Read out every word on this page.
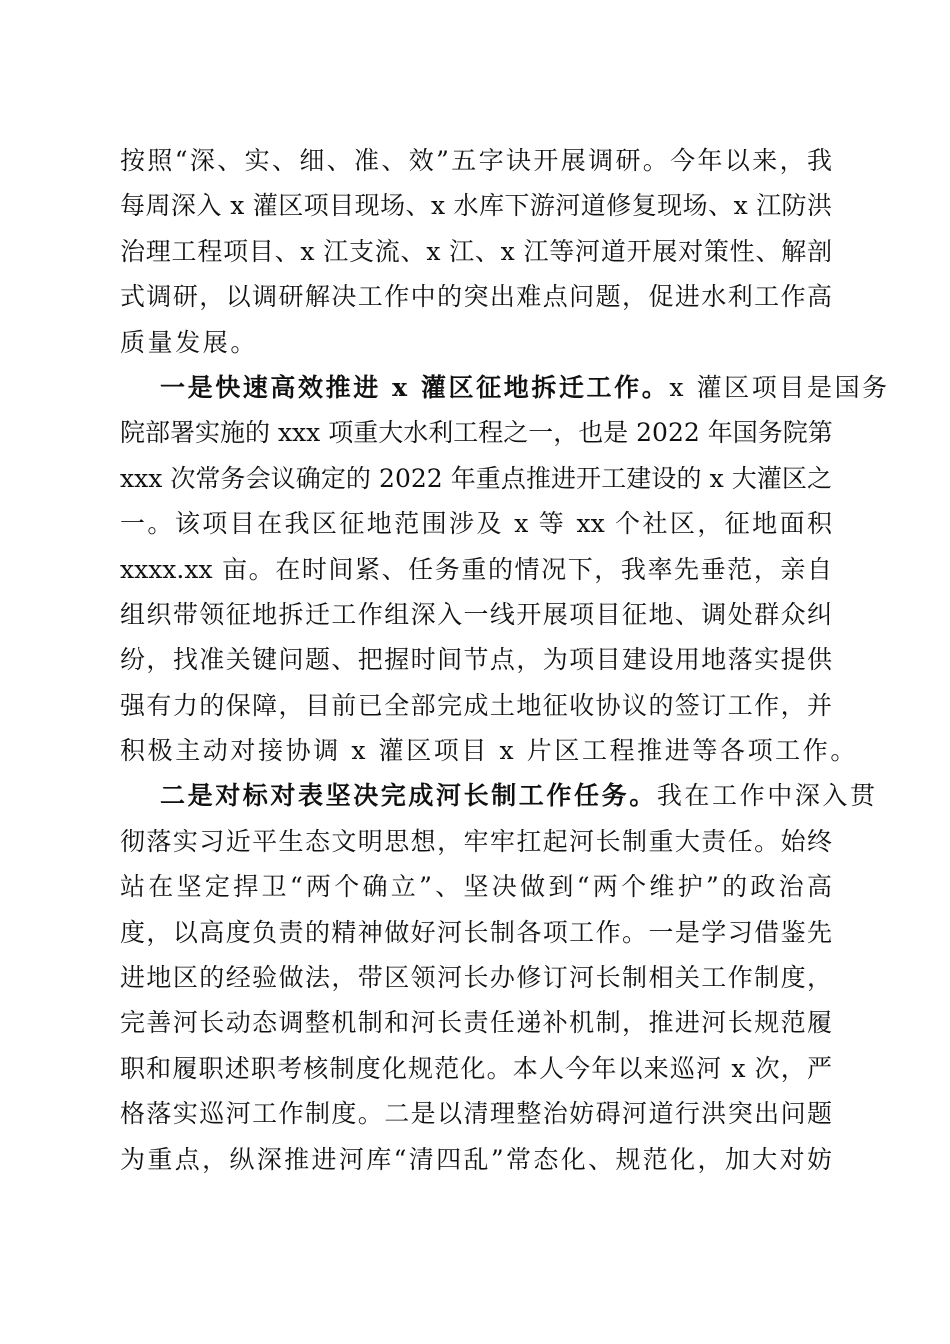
按照“深、实、细、准、效”五字诀开展调研。今年以来，我
每周深入 x 灌区项目现场、x 水库下游河道修复现场、x 江防洪
治理工程项目、x 江支流、x 江、x 江等河道开展对策性、解剖
式调研，以调研解决工作中的突出难点问题，促进水利工作高
质量发展。
一是快速高效推进 x 灌区征地拆迁工作。x 灌区项目是国务
院部署实施的 xxx 项重大水利工程之一，也是 2022 年国务院第
xxx 次常务会议确定的 2022 年重点推进开工建设的 x 大灌区之
一。该项目在我区征地范围涉及 x 等 xx 个社区，征地面积
xxxx.xx 亩。在时间紧、任务重的情况下，我率先垂范，亲自
组织带领征地拆迁工作组深入一线开展项目征地、调处群众纠
纷，找准关键问题、把握时间节点，为项目建设用地落实提供
强有力的保障，目前已全部完成土地征收协议的签订工作，并
积极主动对接协调 x 灌区项目 x 片区工程推进等各项工作。
二是对标对表坚决完成河长制工作任务。我在工作中深入贯
彻落实习近平生态文明思想，牢牢扛起河长制重大责任。始终
站在坚定捍卫“两个确立”、坚决做到“两个维护”的政治高
度，以高度负责的精神做好河长制各项工作。一是学习借鉴先
进地区的经验做法，带区领河长办修订河长制相关工作制度，
完善河长动态调整机制和河长责任递补机制，推进河长规范履
职和履职述职考核制度化规范化。本人今年以来巡河 x 次，严
格落实巡河工作制度。二是以清理整治妨碍河道行洪突出问题
为重点，纵深推进河库“清四乱”常态化、规范化，加大对妨
